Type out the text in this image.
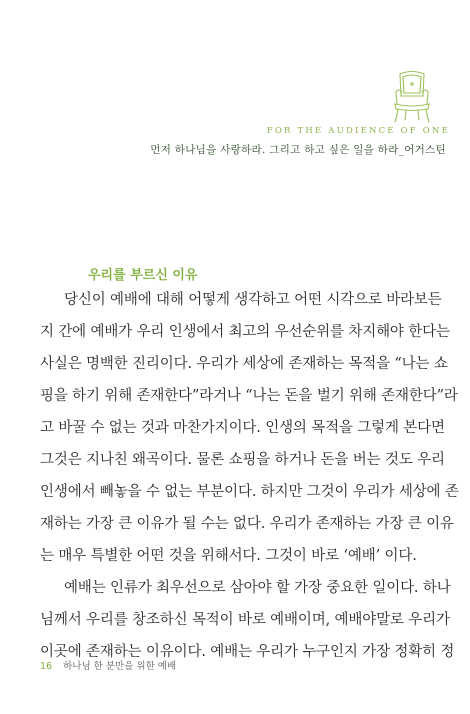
FOR THE AUDIENCE OF ONE
먼저 하나님을 사랑하라. 그리고 하고 싶은 일을 하라_어거스틴
우리를 부르신 이유
당신이 예배에 대해 어떻게 생각하고 어떤 시각으로 바라보든
지 간에 예배가 우리 인생에서 최고의 우선순위를 차지해야 한다는
사실은 명백한 진리이다. 우리가 세상에 존재하는 목적을 “나는 쇼
핑을 하기 위해 존재한다”라거나 “나는 돈을 벌기 위해 존재한다”라
고 바꿀 수 없는 것과 마찬가지이다. 인생의 목적을 그렇게 본다면
그것은 지나친 왜곡이다. 물론 쇼핑을 하거나 돈을 버는 것도 우리
인생에서 빼놓을 수 없는 부분이다. 하지만 그것이 우리가 세상에 존
재하는 가장 큰 이유가 될 수는 없다. 우리가 존재하는 가장 큰 이유
는 매우 특별한 어떤 것을 위해서다. 그것이 바로 ‘예배’ 이다.
예배는 인류가 최우선으로 삼아야 할 가장 중요한 일이다. 하나
님께서 우리를 창조하신 목적이 바로 예배이며, 예배야말로 우리가
이곳에 존재하는 이유이다. 예배는 우리가 누구인지 가장 정확히 정
16 하나님 한 분만을 위한 예배
